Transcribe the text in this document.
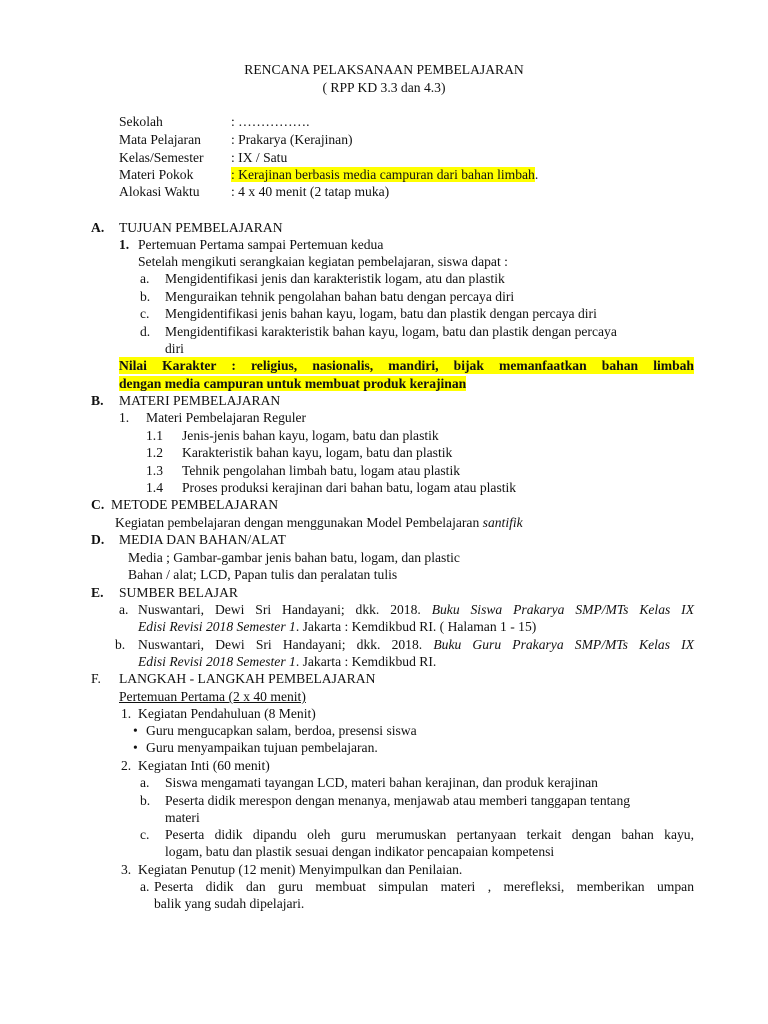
RENCANA PELAKSANAAN PEMBELAJARAN
( RPP KD 3.3 dan 4.3)
Sekolah	: …………….
Mata Pelajaran : Prakarya (Kerajinan)
Kelas/Semester : IX / Satu
Materi Pokok	: Kerajinan berbasis media campuran dari bahan limbah.
Alokasi Waktu : 4 x 40 menit (2 tatap muka)
A. TUJUAN PEMBELAJARAN
1. Pertemuan Pertama sampai Pertemuan kedua
Setelah mengikuti serangkaian kegiatan pembelajaran, siswa dapat :
a. Mengidentifikasi jenis dan karakteristik logam, atu dan plastik
b. Menguraikan tehnik pengolahan bahan batu dengan percaya diri
c. Mengidentifikasi jenis bahan kayu, logam, batu dan plastik dengan percaya diri
d. Mengidentifikasi karakteristik bahan kayu, logam, batu dan plastik dengan percaya
diri
Nilai Karakter : religius, nasionalis, mandiri, bijak memanfaatkan bahan limbah
dengan media campuran untuk membuat produk kerajinan
B. MATERI PEMBELAJARAN
1. Materi Pembelajaran Reguler
1.1 Jenis-jenis bahan kayu, logam, batu dan plastik
1.2 Karakteristik bahan kayu, logam, batu dan plastik
1.3 Tehnik pengolahan limbah batu, logam atau plastik
1.4 Proses produksi kerajinan dari bahan batu, logam atau plastik
C. METODE PEMBELAJARAN
Kegiatan pembelajaran dengan menggunakan Model Pembelajaran santifik
D. MEDIA DAN BAHAN/ALAT
Media ; Gambar-gambar jenis bahan batu, logam, dan plastic
Bahan / alat; LCD, Papan tulis dan peralatan tulis
E. SUMBER BELAJAR
a. Nuswantari, Dewi Sri Handayani; dkk. 2018. Buku Siswa Prakarya SMP/MTs Kelas IX
Edisi Revisi 2018 Semester 1. Jakarta : Kemdikbud RI. ( Halaman 1 - 15)
b. Nuswantari, Dewi Sri Handayani; dkk. 2018. Buku Guru Prakarya SMP/MTs Kelas IX
Edisi Revisi 2018 Semester 1. Jakarta : Kemdikbud RI.
F. LANGKAH - LANGKAH PEMBELAJARAN
Pertemuan Pertama (2 x 40 menit)
1. Kegiatan Pendahuluan (8 Menit)
• Guru mengucapkan salam, berdoa, presensi siswa
• Guru menyampaikan tujuan pembelajaran.
2. Kegiatan Inti (60 menit)
a. Siswa mengamati tayangan LCD, materi bahan kerajinan, dan produk kerajinan
b. Peserta didik merespon dengan menanya, menjawab atau memberi tanggapan tentang
materi
c. Peserta didik dipandu oleh guru merumuskan pertanyaan terkait dengan bahan kayu,
logam, batu dan plastik sesuai dengan indikator pencapaian kompetensi
3. Kegiatan Penutup (12 menit) Menyimpulkan dan Penilaian.
a. Peserta didik dan guru membuat simpulan materi , merefleksi, memberikan umpan
balik yang sudah dipelajari.
